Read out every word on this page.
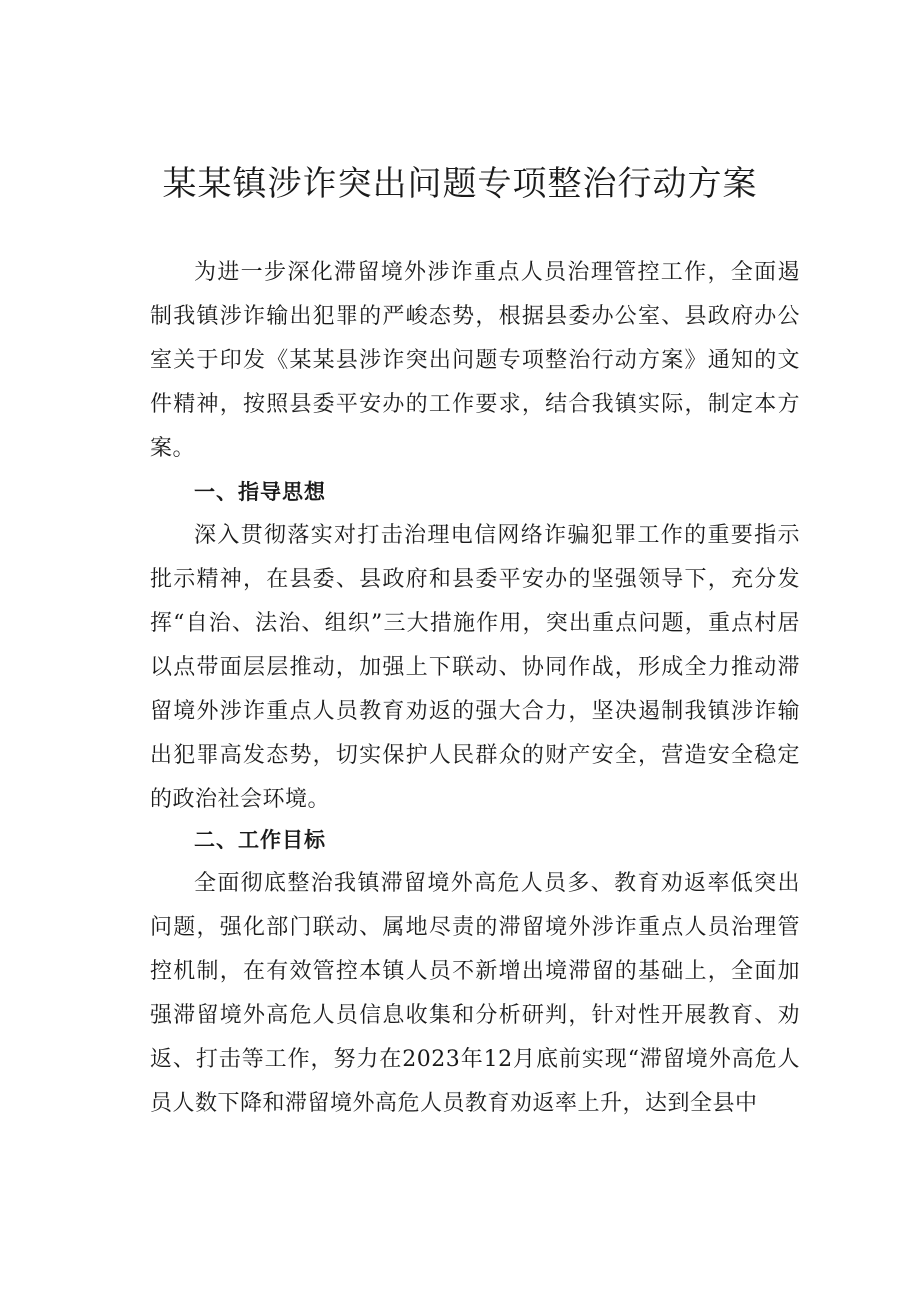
某某镇涉诈突出问题专项整治行动方案

为进一步深化滞留境外涉诈重点人员治理管控工作，全面遏制我镇涉诈输出犯罪的严峻态势，根据县委办公室、县政府办公室关于印发《某某县涉诈突出问题专项整治行动方案》通知的文件精神，按照县委平安办的工作要求，结合我镇实际，制定本方案。

一、指导思想

深入贯彻落实对打击治理电信网络诈骗犯罪工作的重要指示批示精神，在县委、县政府和县委平安办的坚强领导下，充分发挥“自治、法治、组织”三大措施作用，突出重点问题，重点村居以点带面层层推动，加强上下联动、协同作战，形成全力推动滞留境外涉诈重点人员教育劝返的强大合力，坚决遏制我镇涉诈输出犯罪高发态势，切实保护人民群众的财产安全，营造安全稳定的政治社会环境。

二、工作目标

全面彻底整治我镇滞留境外高危人员多、教育劝返率低突出问题，强化部门联动、属地尽责的滞留境外涉诈重点人员治理管控机制，在有效管控本镇人员不新增出境滞留的基础上，全面加强滞留境外高危人员信息收集和分析研判，针对性开展教育、劝返、打击等工作，努力在2023年12月底前实现“滞留境外高危人员人数下降和滞留境外高危人员教育劝返率上升，达到全县中
